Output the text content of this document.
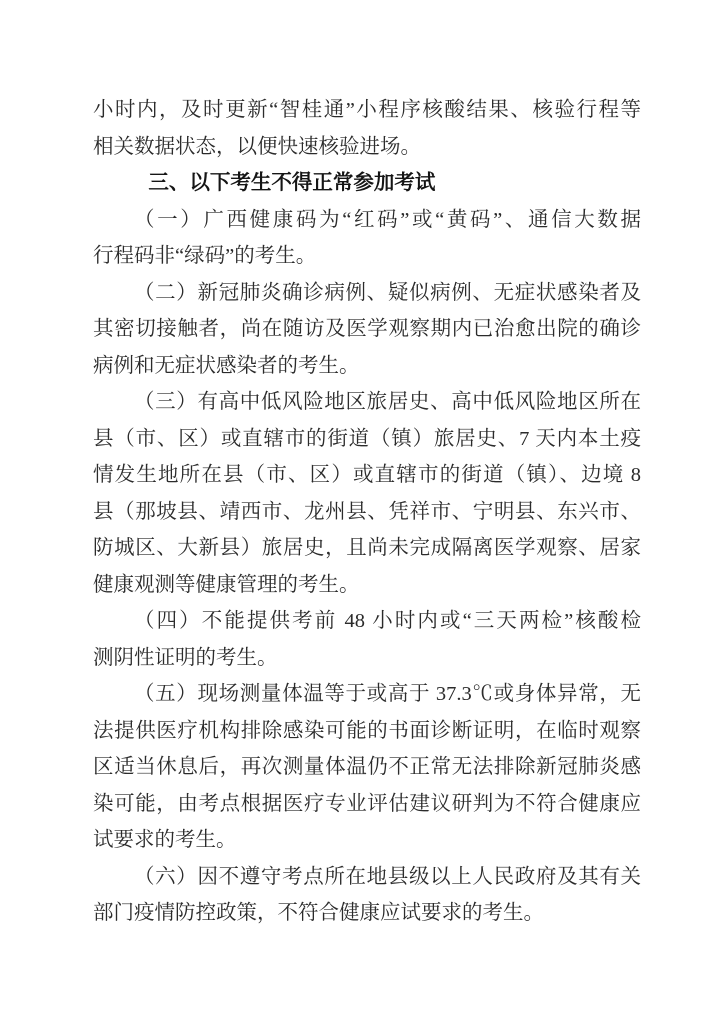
小时内，及时更新“智桂通”小程序核酸结果、核验行程等
相关数据状态，以便快速核验进场。

三、以下考生不得正常参加考试

（一）广西健康码为“红码”或“黄码”、通信大数据
行程码非“绿码”的考生。

（二）新冠肺炎确诊病例、疑似病例、无症状感染者及
其密切接触者，尚在随访及医学观察期内已治愈出院的确诊
病例和无症状感染者的考生。

（三）有高中低风险地区旅居史、高中低风险地区所在
县（市、区）或直辖市的街道（镇）旅居史、7 天内本土疫
情发生地所在县（市、区）或直辖市的街道（镇）、边境 8
县（那坡县、靖西市、龙州县、凭祥市、宁明县、东兴市、
防城区、大新县）旅居史，且尚未完成隔离医学观察、居家
健康观测等健康管理的考生。

（四）不能提供考前 48 小时内或“三天两检”核酸检
测阴性证明的考生。

（五）现场测量体温等于或高于 37.3℃或身体异常，无
法提供医疗机构排除感染可能的书面诊断证明，在临时观察
区适当休息后，再次测量体温仍不正常无法排除新冠肺炎感
染可能，由考点根据医疗专业评估建议研判为不符合健康应
试要求的考生。

（六）因不遵守考点所在地县级以上人民政府及其有关
部门疫情防控政策，不符合健康应试要求的考生。
